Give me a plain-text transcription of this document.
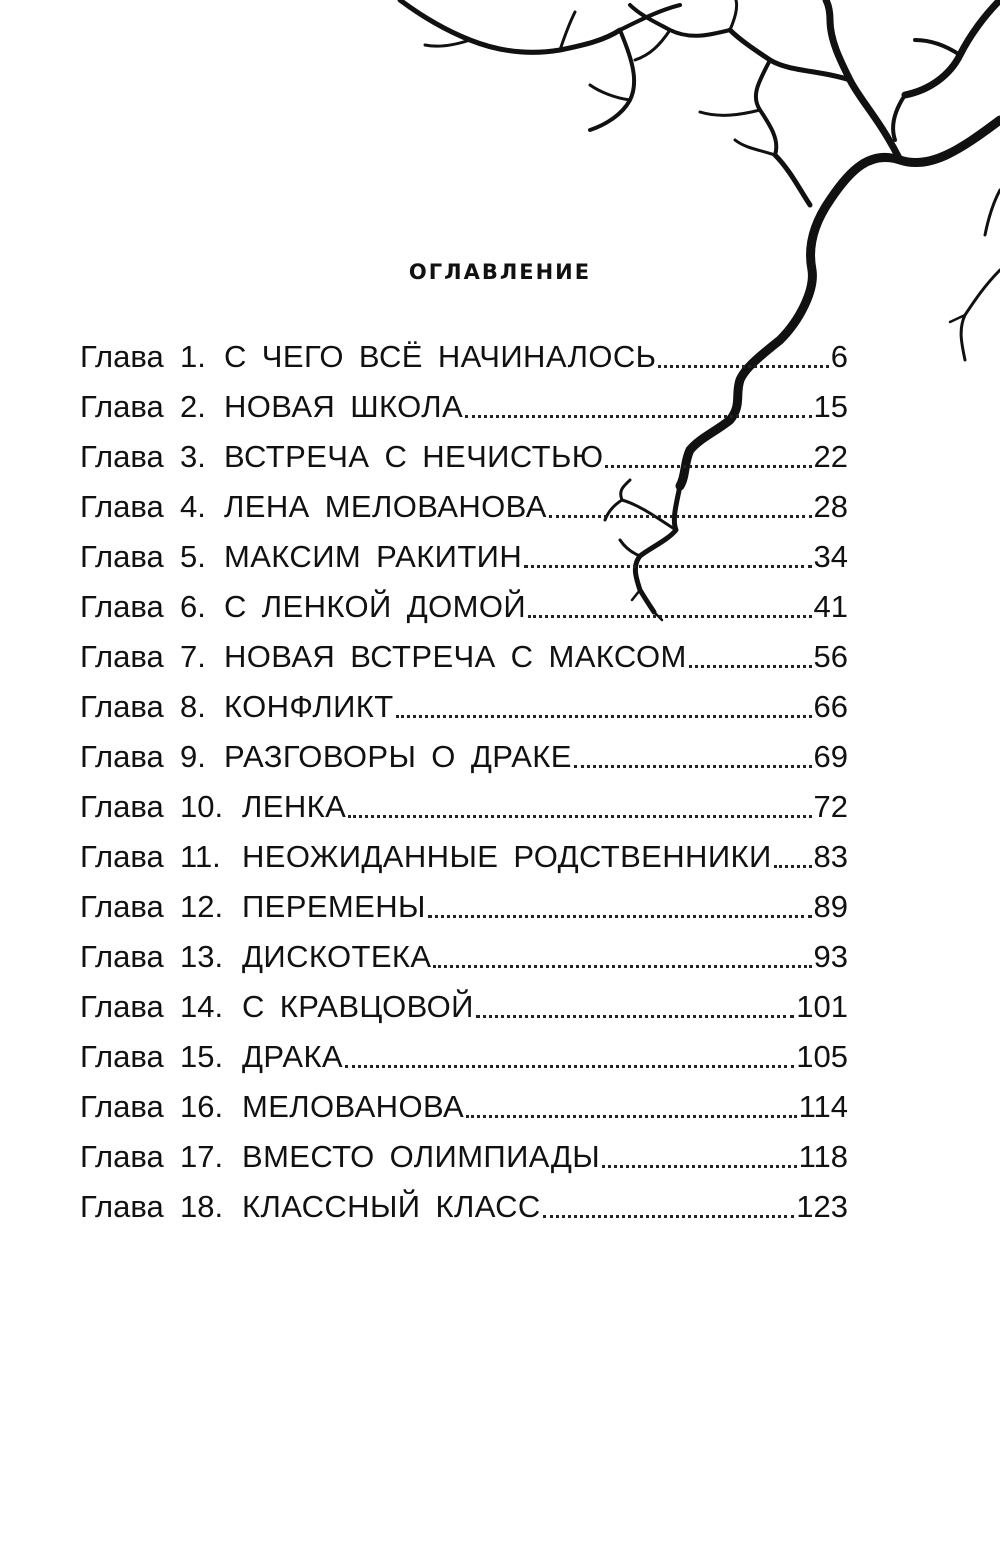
оглавление
Глава 1. С ЧЕГО ВСЁ НАЧИНАЛОСЬ	6
Глава 2. НОВАЯ ШКОЛА	15
Глава 3. ВСТРЕЧА С НЕЧИСТЬЮ	22
Глава 4. ЛЕНА МЕЛОВАНОВА	28
Глава 5. МАКСИМ РАКИТИН	34
Глава 6. С ЛЕНКОЙ ДОМОЙ	41
Глава 7. НОВАЯ ВСТРЕЧА С МАКСОМ	56
Глава 8. КОНФЛИКТ	66
Глава 9. РАЗГОВОРЫ О ДРАКЕ	69
Глава 10. ЛЕНКА	72
Глава 11. НЕОЖИДАННЫЕ РОДСТВЕННИКИ 83
Глава 12. ПЕРЕМЕНЫ	89
Глава 13. ДИСКОТЕКА	93
Глава 14. С КРАВЦОВОЙ	101
Глава 15. ДРАКА	105
Глава 16. МЕЛОВАНОВА	114
Глава 17. ВМЕСТО ОЛИМПИАДЫ	118
Глава 18. КЛАССНЫЙ КЛАСС	123
